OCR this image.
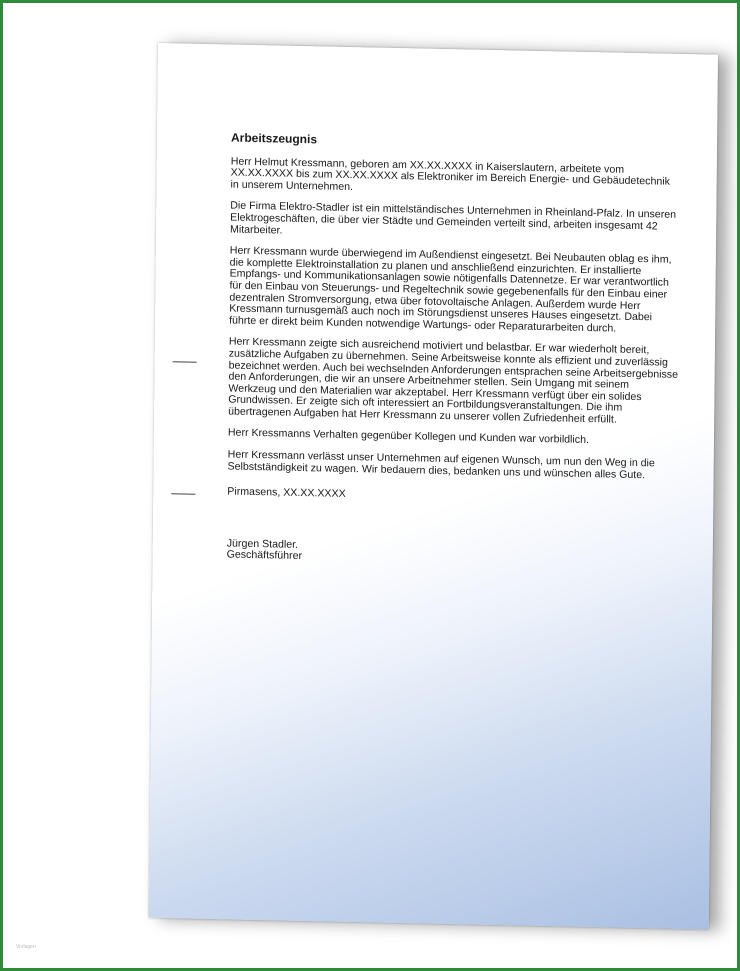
Arbeitszeugnis

Herr Helmut Kressmann, geboren am XX.XX.XXXX in Kaiserslautern, arbeitete vom XX.XX.XXXX bis zum XX.XX.XXXX als Elektroniker im Bereich Energie- und Gebäudetechnik in unserem Unternehmen.

Die Firma Elektro-Stadler ist ein mittelständisches Unternehmen in Rheinland-Pfalz. In unseren Elektrogeschäften, die über vier Städte und Gemeinden verteilt sind, arbeiten insgesamt 42 Mitarbeiter.

Herr Kressmann wurde überwiegend im Außendienst eingesetzt. Bei Neubauten oblag es ihm, die komplette Elektroinstallation zu planen und anschließend einzurichten. Er installierte Empfangs- und Kommunikationsanlagen sowie nötigenfalls Datennetze. Er war verantwortlich für den Einbau von Steuerungs- und Regeltechnik sowie gegebenenfalls für den Einbau einer dezentralen Stromversorgung, etwa über fotovoltaische Anlagen. Außerdem wurde Herr Kressmann turnusgemäß auch noch im Störungsdienst unseres Hauses eingesetzt. Dabei führte er direkt beim Kunden notwendige Wartungs- oder Reparaturarbeiten durch.

Herr Kressmann zeigte sich ausreichend motiviert und belastbar. Er war wiederholt bereit, zusätzliche Aufgaben zu übernehmen. Seine Arbeitsweise konnte als effizient und zuverlässig bezeichnet werden. Auch bei wechselnden Anforderungen entsprachen seine Arbeitsergebnisse den Anforderungen, die wir an unsere Arbeitnehmer stellen. Sein Umgang mit seinem Werkzeug und den Materialien war akzeptabel. Herr Kressmann verfügt über ein solides Grundwissen. Er zeigte sich oft interessiert an Fortbildungsveranstaltungen. Die ihm übertragenen Aufgaben hat Herr Kressmann zu unserer vollen Zufriedenheit erfüllt.

Herr Kressmanns Verhalten gegenüber Kollegen und Kunden war vorbildlich.

Herr Kressmann verlässt unser Unternehmen auf eigenen Wunsch, um nun den Weg in die Selbstständigkeit zu wagen. Wir bedauern dies, bedanken uns und wünschen alles Gute.

Pirmasens, XX.XX.XXXX

Jürgen Stadler.

Geschäftsführer

Vorlagen
